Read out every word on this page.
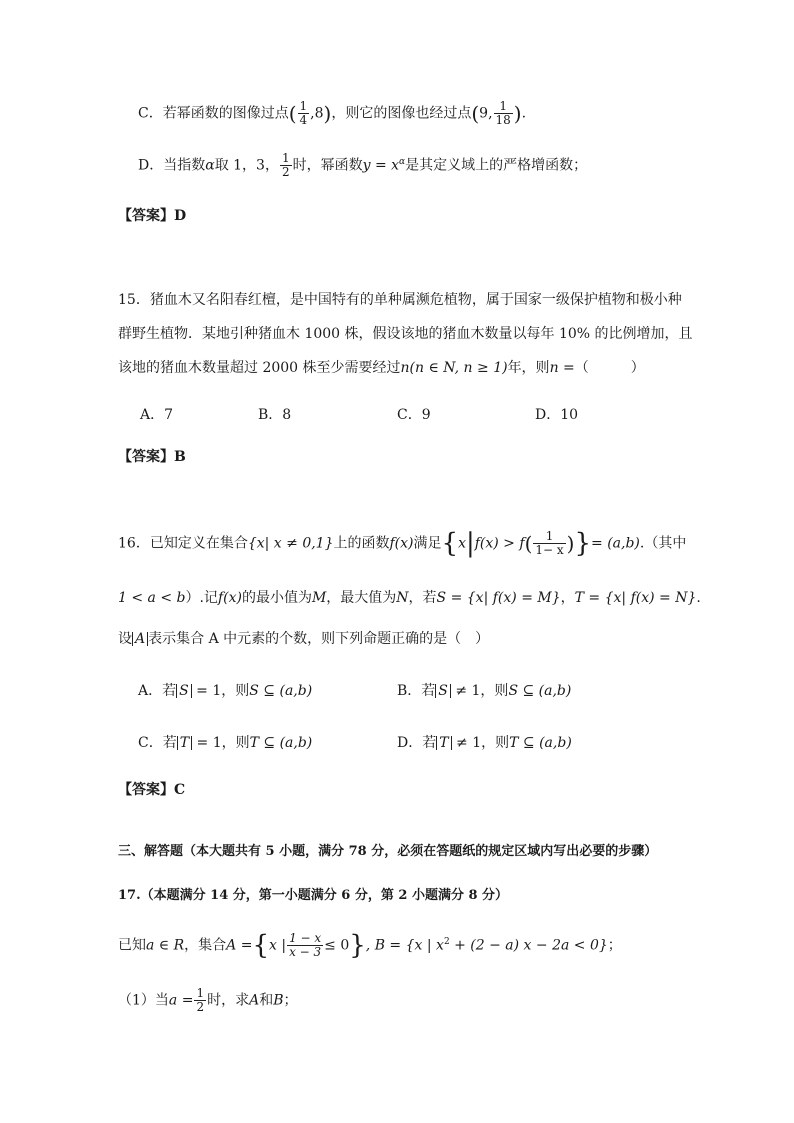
C．若幂函数的图像过点( $\frac{1}{4} ,8$)，则它的图像也经过点(9, $\frac{1}{18}$ ).
D．当指数α取 1，3， $\frac{1}{2}$ 时，幂函数$y = x^\alpha$是其定义域上的严格增函数；
【答案】D
15．猪血木又名阳春红檀，是中国特有的单种属濒危植物，属于国家一级保护植物和极小种
群野生植物．某地引种猪血木 1000 株，假设该地的猪血木数量以每年 10% 的比例增加，且
该地的猪血木数量超过 2000 株至少需要经过n(n ∈ N, n ≥ 1)年，则n =（　　　）
A．7	B．8	C．9	D．10
【答案】B
16．已知定义在集合{x| x ≠ 0,1}上的函数f(x)满足{$x|f(x) > f( \frac{1}{1- x}$ )}= (a,b).（其中
1 < a < b）.记f(x)的最小值为M，最大值为N，若S = {x| f(x) = M}，T = {x| f(x) = N}.
设 A 表示集合 A 中元素的个数，则下列命题正确的是（　）
A．若 S = 1，则S ⊆ (a,b)	B．若 S ≠ 1，则S ⊆ (a,b)
C．若 T = 1，则T ⊆ (a,b)	D．若 T ≠ 1，则T ⊆ (a,b)
【答案】C
三、解答题（本大题共有 5 小题，满分 78 分，必须在答题纸的规定区域内写出必要的步骤）
17.（本题满分 14 分，第一小题满分 6 分，第 2 小题满分 8 分）
已知a ∈ R，集合A ={x | $\frac{1 - x}{x - 3} \le 0$}, B = {x | $x^2 + (2 - a) x - 2a < 0$}；
（1）当$a = \frac{1}{2}$ 时，求A和B；
